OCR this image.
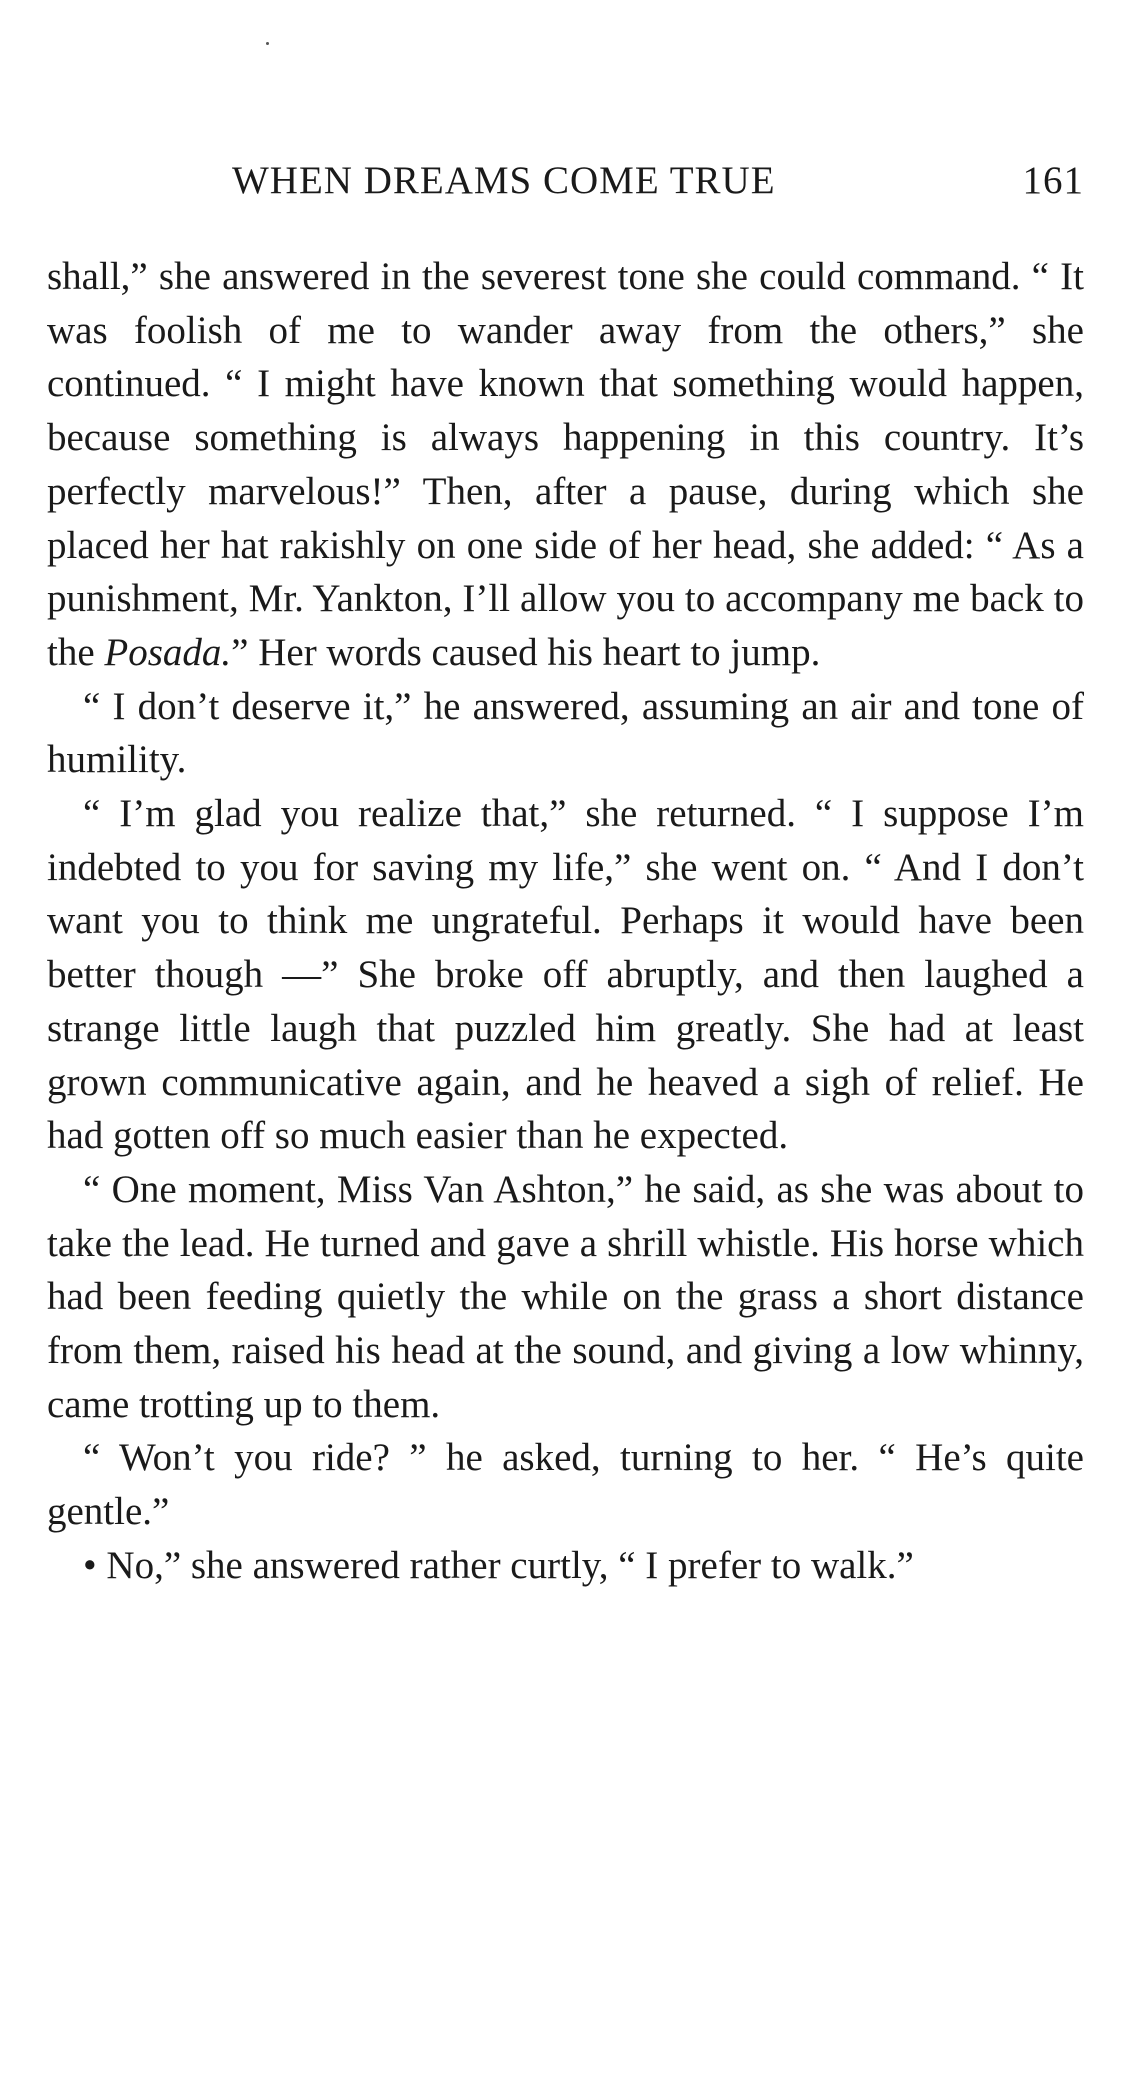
WHEN DREAMS COME TRUE	161

shall,” she answered in the severest tone she could command. “ It was foolish of me to wander away from the others,” she continued. “ I might have known that something would happen, because something is always happening in this country. It’s perfectly marvelous!” Then, after a pause, during which she placed her hat rakishly on one side of her head, she added: “ As a punishment, Mr. Yankton, I’ll allow you to accompany me back to the Posada.” Her words caused his heart to jump.

“ I don’t deserve it,” he answered, assuming an air and tone of humility.

“ I’m glad you realize that,” she returned. “ I suppose I’m indebted to you for saving my life,” she went on. “ And I don’t want you to think me ungrateful. Perhaps it would have been better though —” She broke off abruptly, and then laughed a strange little laugh that puzzled him greatly. She had at least grown communicative again, and he heaved a sigh of relief. He had gotten off so much easier than he expected.

“ One moment, Miss Van Ashton,” he said, as she was about to take the lead. He turned and gave a shrill whistle. His horse which had been feeding quietly the while on the grass a short distance from them, raised his head at the sound, and giving a low whinny, came trotting up to them.

“ Won’t you ride? ” he asked, turning to her. “ He’s quite gentle.”

• No,” she answered rather curtly, “ I prefer to walk.”
